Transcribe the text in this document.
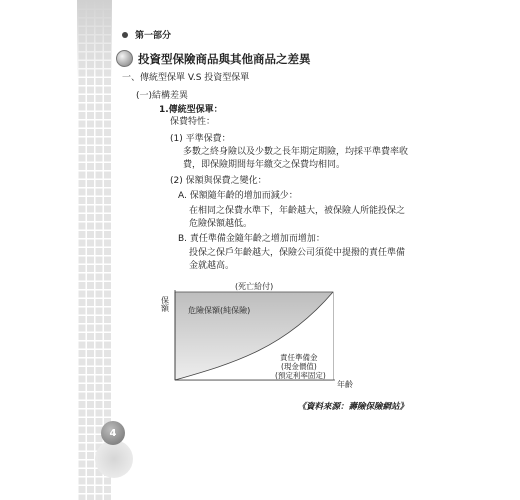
第一部分
投資型保險商品與其他商品之差異
一、傳統型保單 V.S 投資型保單
(一)結構差異
1.傳統型保單：
保費特性：
(1) 平準保費：
多數之終身險以及少數之長年期定期險，均採平準費率收
費，即保險期間每年繳交之保費均相同。
(2) 保額與保費之變化：
A. 保額隨年齡的增加而減少：
在相同之保費水準下，年齡越大，被保險人所能投保之
危險保額越低。
B. 責任準備金隨年齡之增加而增加：
投保之保戶年齡越大，保險公司須從中提撥的責任準備
金就越高。
(死亡給付)
保額
年齡
危險保額(純保險)
責任準備金
(現金價值)
(預定利率固定)
《資料來源：壽險保險網站》
4
